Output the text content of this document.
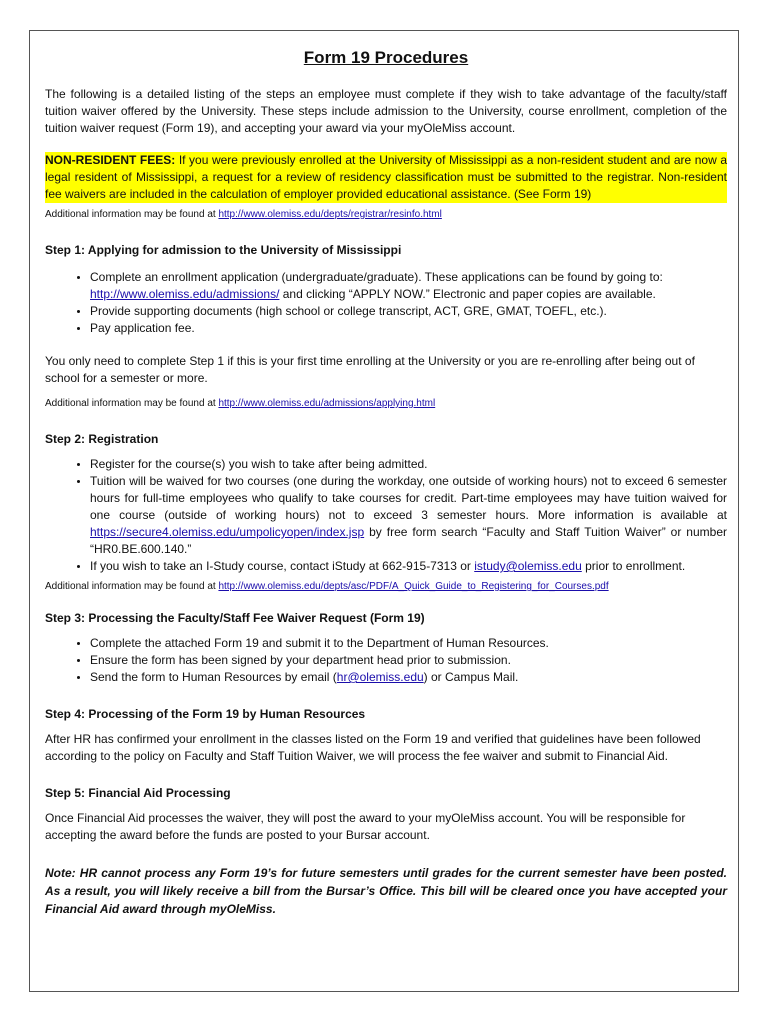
Form 19 Procedures

The following is a detailed listing of the steps an employee must complete if they wish to take advantage of the faculty/staff tuition waiver offered by the University. These steps include admission to the University, course enrollment, completion of the tuition waiver request (Form 19), and accepting your award via your myOleMiss account.

NON-RESIDENT FEES: If you were previously enrolled at the University of Mississippi as a non-resident student and are now a legal resident of Mississippi, a request for a review of residency classification must be submitted to the registrar. Non-resident fee waivers are included in the calculation of employer provided educational assistance. (See Form 19)

Additional information may be found at http://www.olemiss.edu/depts/registrar/resinfo.html

Step 1: Applying for admission to the University of Mississippi
• Complete an enrollment application (undergraduate/graduate). These applications can be found by going to: http://www.olemiss.edu/admissions/ and clicking “APPLY NOW.” Electronic and paper copies are available.
• Provide supporting documents (high school or college transcript, ACT, GRE, GMAT, TOEFL, etc.).
• Pay application fee.

You only need to complete Step 1 if this is your first time enrolling at the University or you are re-enrolling after being out of school for a semester or more.

Additional information may be found at http://www.olemiss.edu/admissions/applying.html

Step 2: Registration
• Register for the course(s) you wish to take after being admitted.
• Tuition will be waived for two courses (one during the workday, one outside of working hours) not to exceed 6 semester hours for full-time employees who qualify to take courses for credit. Part-time employees may have tuition waived for one course (outside of working hours) not to exceed 3 semester hours. More information is available at https://secure4.olemiss.edu/umpolicyopen/index.jsp by free form search “Faculty and Staff Tuition Waiver” or number “HR0.BE.600.140.”
• If you wish to take an I-Study course, contact iStudy at 662-915-7313 or istudy@olemiss.edu prior to enrollment.

Additional information may be found at http://www.olemiss.edu/depts/asc/PDF/A_Quick_Guide_to_Registering_for_Courses.pdf

Step 3: Processing the Faculty/Staff Fee Waiver Request (Form 19)
• Complete the attached Form 19 and submit it to the Department of Human Resources.
• Ensure the form has been signed by your department head prior to submission.
• Send the form to Human Resources by email (hr@olemiss.edu) or Campus Mail.
Step 4: Processing of the Form 19 by Human Resources

After HR has confirmed your enrollment in the classes listed on the Form 19 and verified that guidelines have been followed according to the policy on Faculty and Staff Tuition Waiver, we will process the fee waiver and submit to Financial Aid.

Step 5: Financial Aid Processing

Once Financial Aid processes the waiver, they will post the award to your myOleMiss account. You will be responsible for accepting the award before the funds are posted to your Bursar account.

Note: HR cannot process any Form 19’s for future semesters until grades for the current semester have been posted. As a result, you will likely receive a bill from the Bursar’s Office. This bill will be cleared once you have accepted your Financial Aid award through myOleMiss.
